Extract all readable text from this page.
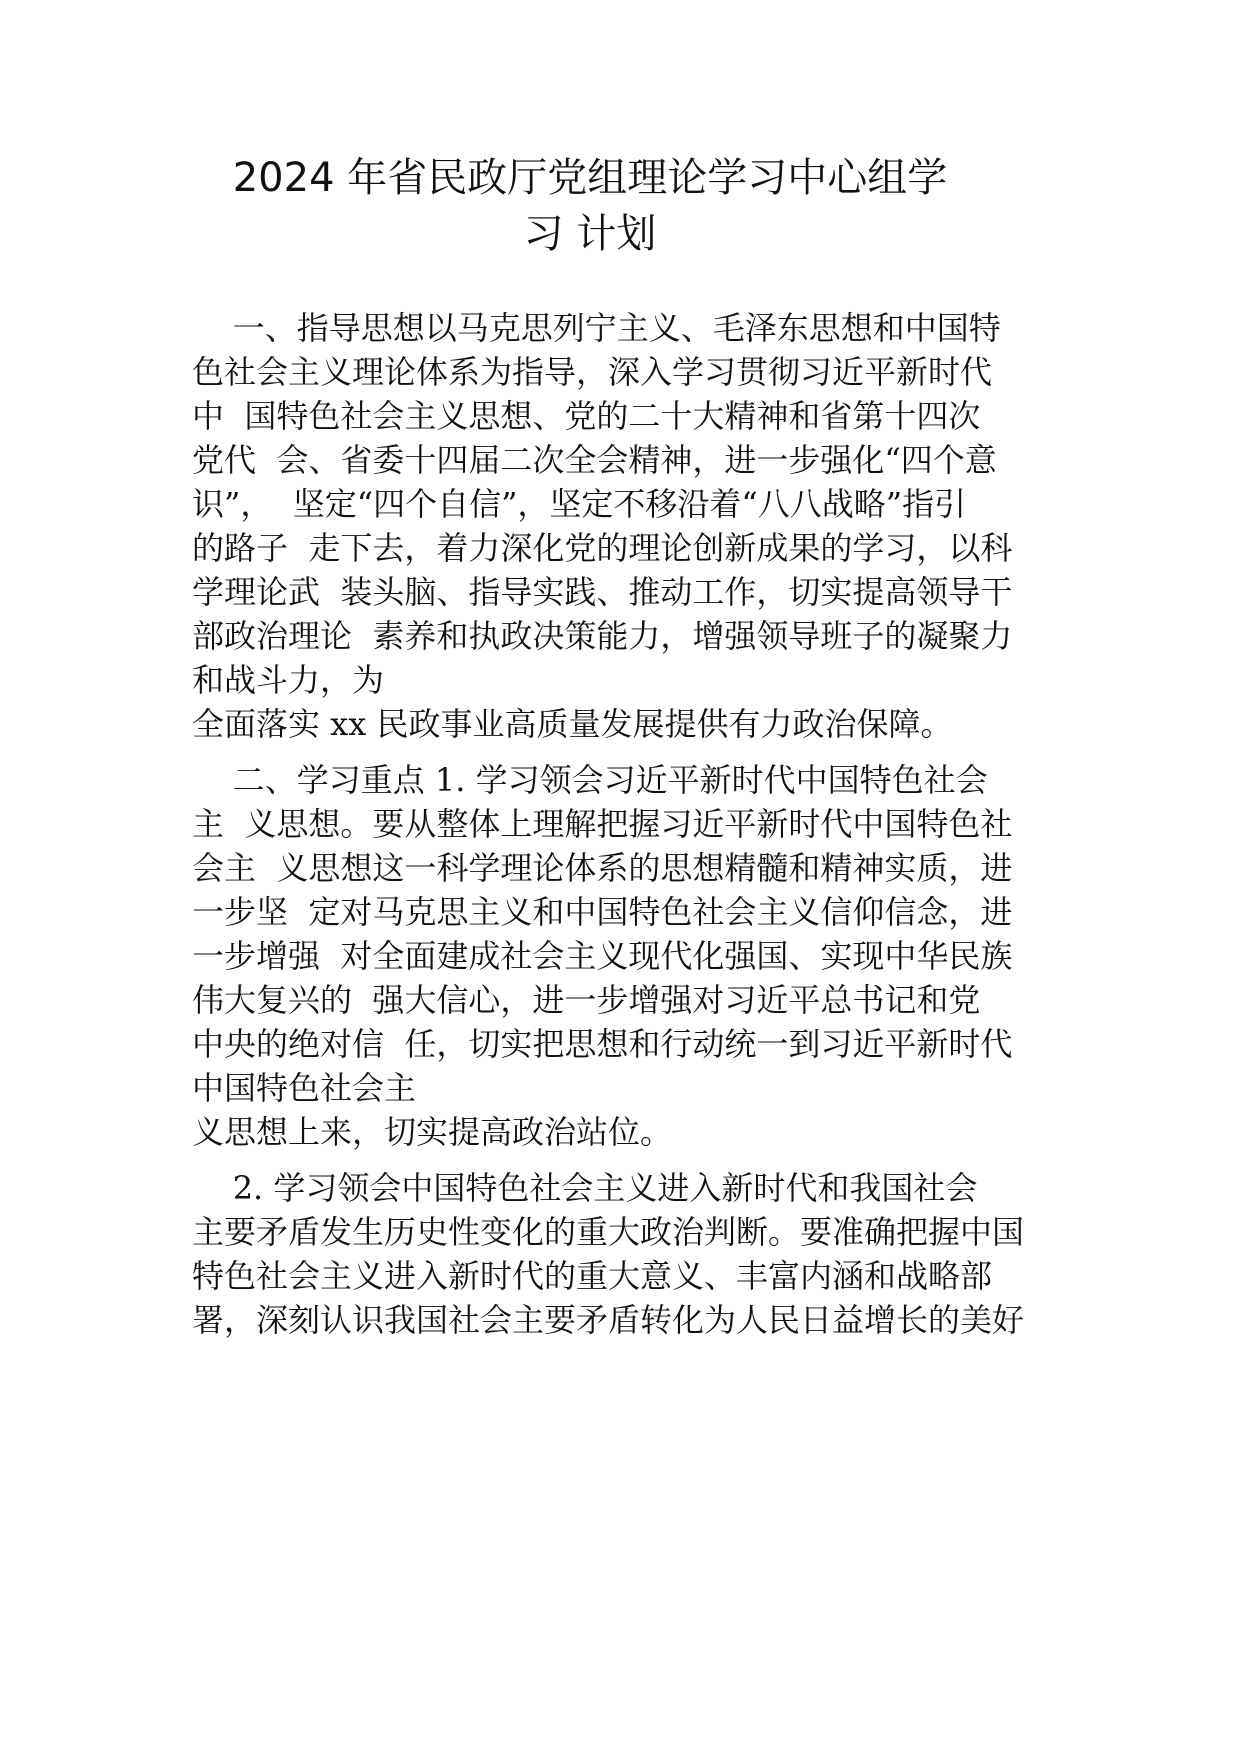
2024 年省民政厅党组理论学习中心组学
习 计划

一、指导思想以马克思列宁主义、毛泽东思想和中国特

色社会主义理论体系为指导，深入学习贯彻习近平新时代

中  国特色社会主义思想、党的二十大精神和省第十四次

党代  会、省委十四届二次全会精神，进一步强化“四个意

识”，  坚定“四个自信”，坚定不移沿着“八八战略”指引

的路子  走下去，着力深化党的理论创新成果的学习，以科

学理论武  装头脑、指导实践、推动工作，切实提高领导干

部政治理论  素养和执政决策能力，增强领导班子的凝聚力

和战斗力，为

全面落实 xx 民政事业高质量发展提供有力政治保障。

二、学习重点 1. 学习领会习近平新时代中国特色社会

主  义思想。要从整体上理解把握习近平新时代中国特色社

会主  义思想这一科学理论体系的思想精髓和精神实质，进

一步坚  定对马克思主义和中国特色社会主义信仰信念，进

一步增强  对全面建成社会主义现代化强国、实现中华民族

伟大复兴的  强大信心，进一步增强对习近平总书记和党

中央的绝对信  任，切实把思想和行动统一到习近平新时代

中国特色社会主

义思想上来，切实提高政治站位。

2. 学习领会中国特色社会主义进入新时代和我国社会

主要矛盾发生历史性变化的重大政治判断。要准确把握中国

特色社会主义进入新时代的重大意义、丰富内涵和战略部

署，深刻认识我国社会主要矛盾转化为人民日益增长的美好
